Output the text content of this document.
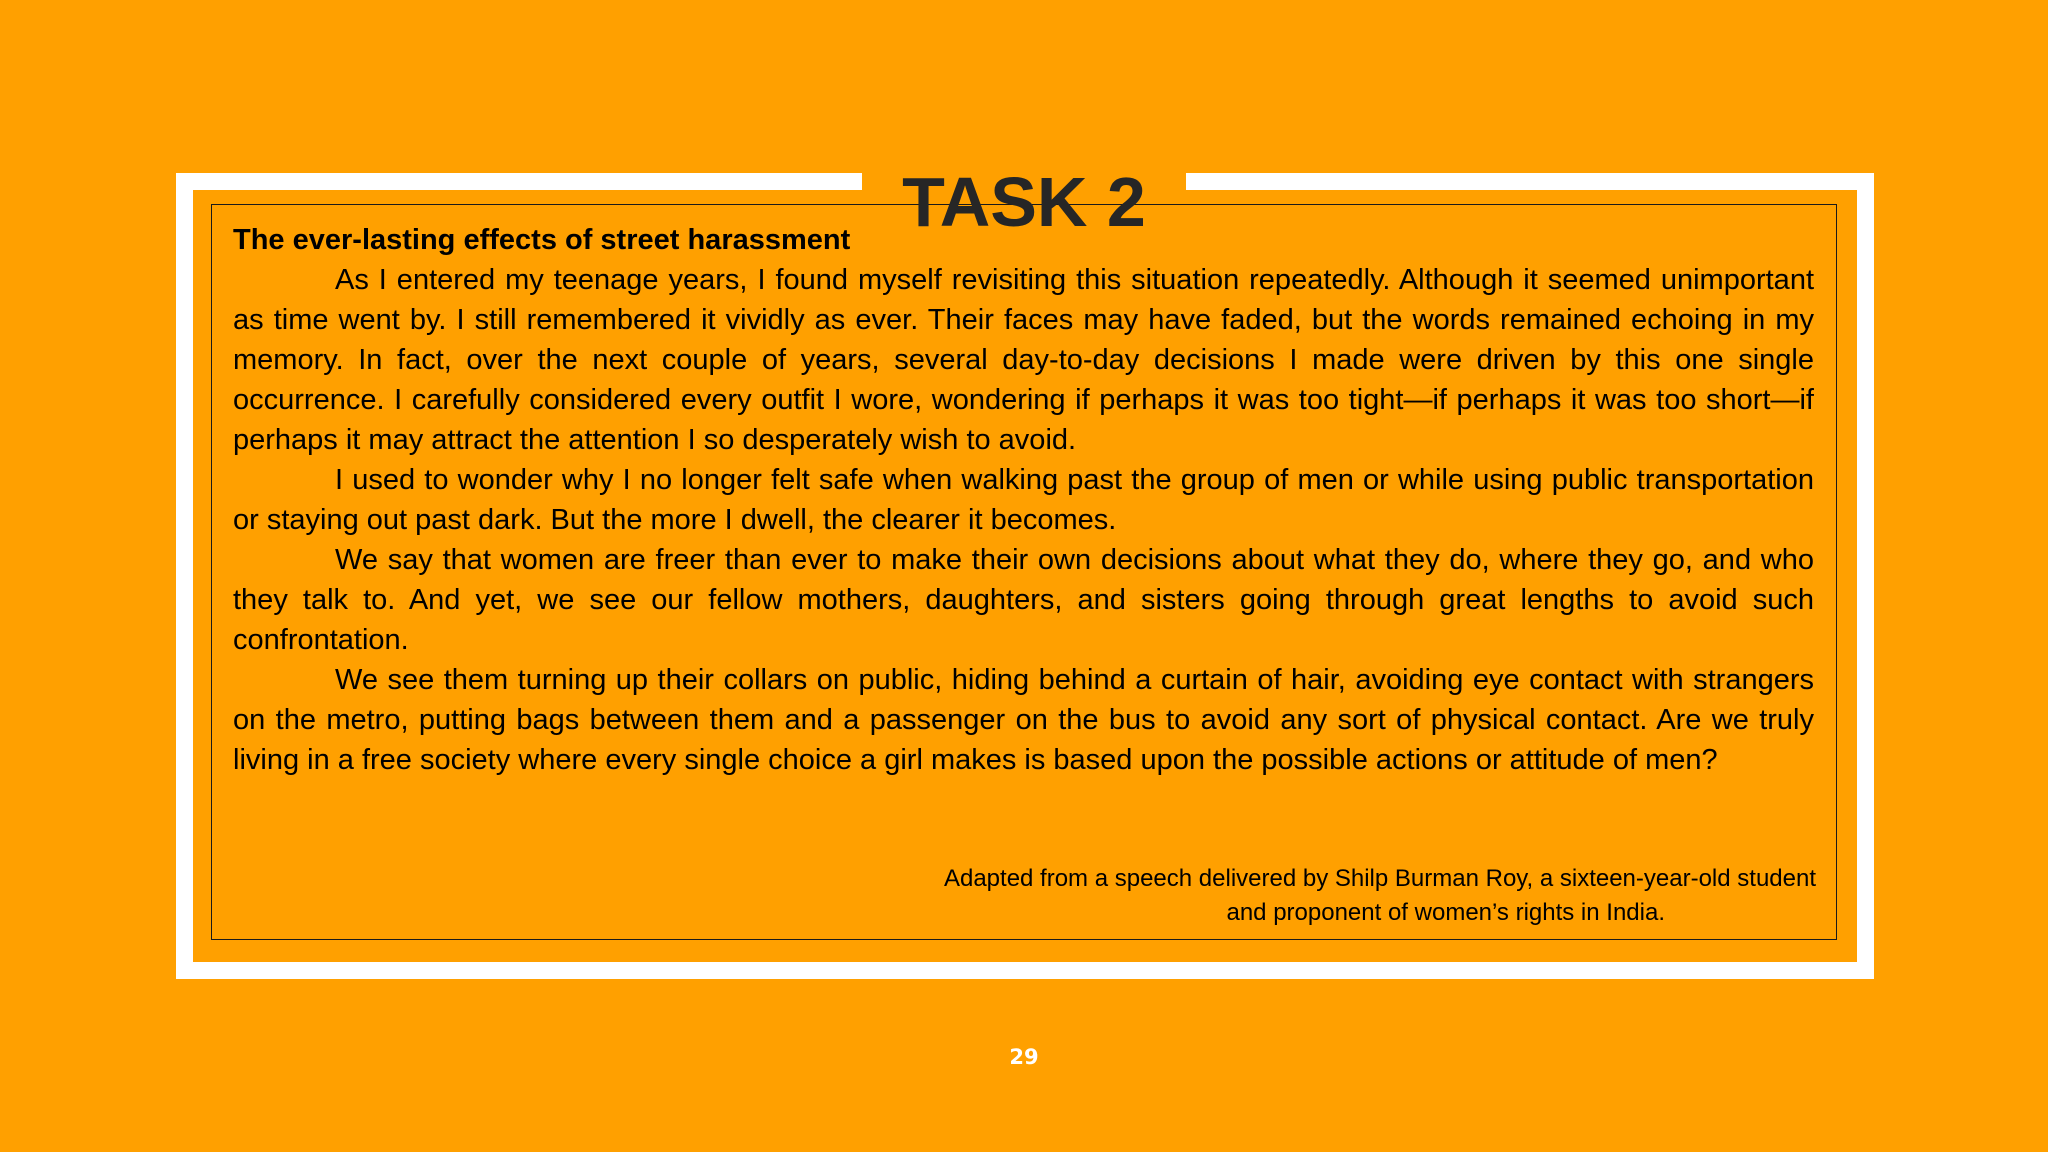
TASK 2

The ever-lasting effects of street harassment

As I entered my teenage years, I found myself revisiting this situation repeatedly. Although it seemed unimportant as time went by. I still remembered it vividly as ever. Their faces may have faded, but the words remained echoing in my memory. In fact, over the next couple of years, several day-to-day decisions I made were driven by this one single occurrence. I carefully considered every outfit I wore, wondering if perhaps it was too tight—if perhaps it was too short—if perhaps it may attract the attention I so desperately wish to avoid.

I used to wonder why I no longer felt safe when walking past the group of men or while using public transportation or staying out past dark. But the more I dwell, the clearer it becomes.

We say that women are freer than ever to make their own decisions about what they do, where they go, and who they talk to. And yet, we see our fellow mothers, daughters, and sisters going through great lengths to avoid such confrontation.

We see them turning up their collars on public, hiding behind a curtain of hair, avoiding eye contact with strangers on the metro, putting bags between them and a passenger on the bus to avoid any sort of physical contact. Are we truly living in a free society where every single choice a girl makes is based upon the possible actions or attitude of men?

Adapted from a speech delivered by Shilp Burman Roy, a sixteen-year-old student
and proponent of women’s rights in India.
29
